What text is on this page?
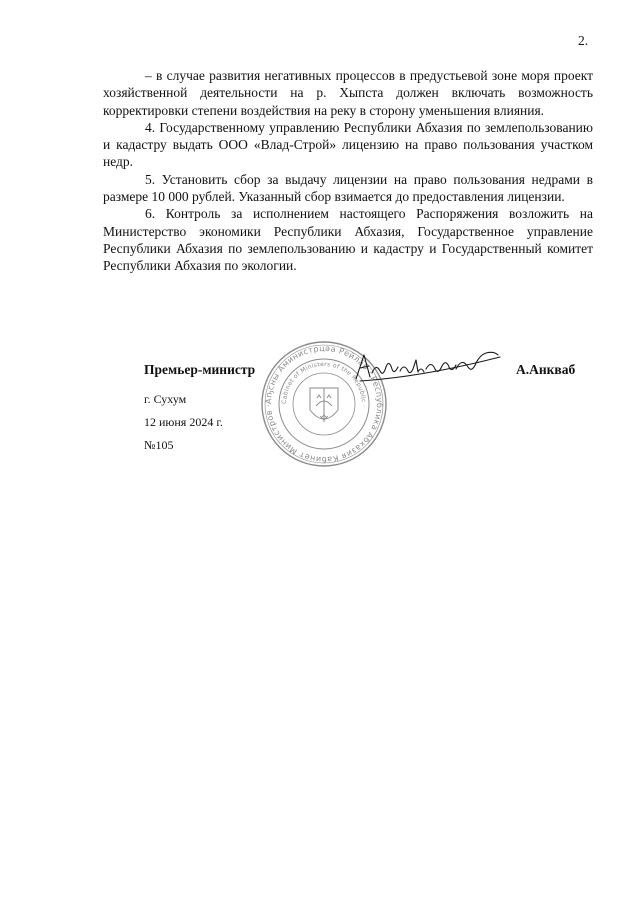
2.

– в случае развития негативных процессов в предустьевой зоне моря проект хозяйственной деятельности на р. Хыпста должен включать возможность корректировки степени воздействия на реку в сторону уменьшения влияния.

4. Государственному управлению Республики Абхазия по землепользованию и кадастру выдать ООО «Влад-Строй» лицензию на право пользования участком недр.

5. Установить сбор за выдачу лицензии на право пользования недрами в размере 10 000 рублей. Указанный сбор взимается до предоставления лицензии.

6. Контроль за исполнением настоящего Распоряжения возложить на Министерство экономики Республики Абхазия, Государственное управление Республики Абхазия по землепользованию и кадастру и Государственный комитет Республики Абхазия по экологии.

Аҧсны Аминистрцәа Рейлар · Республика Абхазия Кабинет Министров ·
Cabinet of Ministers of the Republic ·
Премьер-министр	А.Анкваб
г. Сухум
12 июня 2024 г.
№105
